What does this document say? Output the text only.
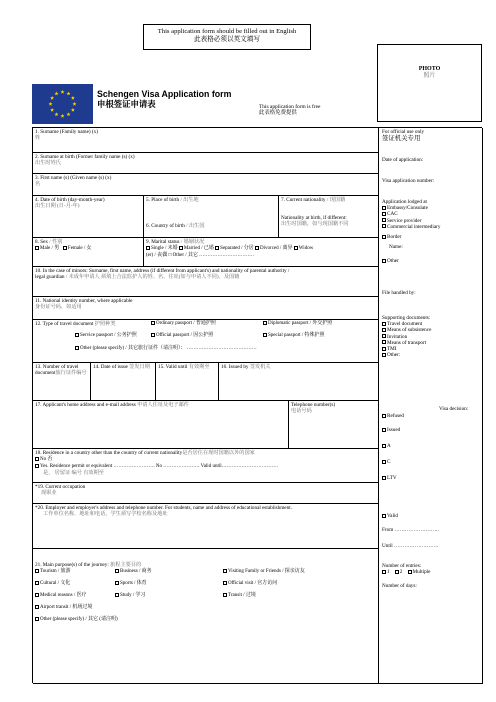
This application form should be filled out in English
此表格必须以英文填写
PHOTO
照片
Schengen Visa Application form
申根签证申请表	This application form is free
此表格免费提供
1. Surname (Family name) (x)
姓
2. Surname at birth (Former family name (s) (x)
出生时姓氏
3. First name (s) (Given name (s) (x)
名
4. Date of birth (day-month-year)
出生日期 (日-月-年)
5. Place of birth / 出生地
6. Country of birth / 出生国
7. Current nationality / 现国籍
Nationality at birth, if different:
出生时国籍，如与现国籍不同
8. Sex / 性别
Male / 男 Female / 女
9. Marital status / 婚姻状况
Single / 未婚 Married / 已婚 Separated / 分居 Divorced / 离异 Widow
(er) / 丧偶 □ Other / 其它 ……………………………
10. In the case of minors: Surname, first name, address (if different from applicant's) and nationality of parental authority /
legal guardian / 未成年申请人 须填上合法监护人的姓、名、住址(如与申请人不同)、及国籍
11. National identity number, where applicable
身份证号码，如适用
12. Type of travel document 护照种类	Ordinary passport / 普通护照	Diplomatic passport / 外交护照
Service passport / 公务护照	Official passport / 因公护照	Special passport / 特殊护照
Other (please specify) / 其它旅行证件（请注明）： ……………………………………
13. Number of travel
document旅行证件编号
14. Date of issue 签发日期	15. Valid until 有效期至	16. Issued by 签发机关
17. Applicant's home address and e-mail address 申请人住址及电子邮件	Telephone number(s)
电话号码
18. Residence in a country other than the country of current nationality是否居住在现时国籍以外的国家
No 否
Yes. Residence permit or equivalent ……………………. No …………………. Valid until…………………………….
是， 居留证 编号 有效期至
*19. Current occupation
现职业
*20. Employer and employer's address and telephone number. For students, name and address of educational establishment.
工作单位名称、地址和电话，学生须写学校名称及地址
21. Main purpose(s) of the journey: 旅程主要目的
Tourism / 旅游	Business / 商务	Visiting Family or Friends / 探亲访友
Cultural / 文化	Sports / 体育	Official visit / 官方访问
Medical reasons / 医疗	Study / 学习	Transit / 过境
Airport transit / 机场过境
Other (please specify) / 其它 (请注明)
For official use only
签证机关专用
Date of application:
Visa application number:
Application lodged at
Embassy/Consulate
CAC
Service provider
Commercial intermediary
Border
Name:
Other
File handled by:
Supporting documents:
Travel document
Means of subsistence
Invitation
Means of transport
TMI
Other:
Visa decision:
Refused
Issued
A
C
LTV
Valid
From ……………………..
Until ……………………..
Number of entries:
1 2 Multiple
Number of days:
